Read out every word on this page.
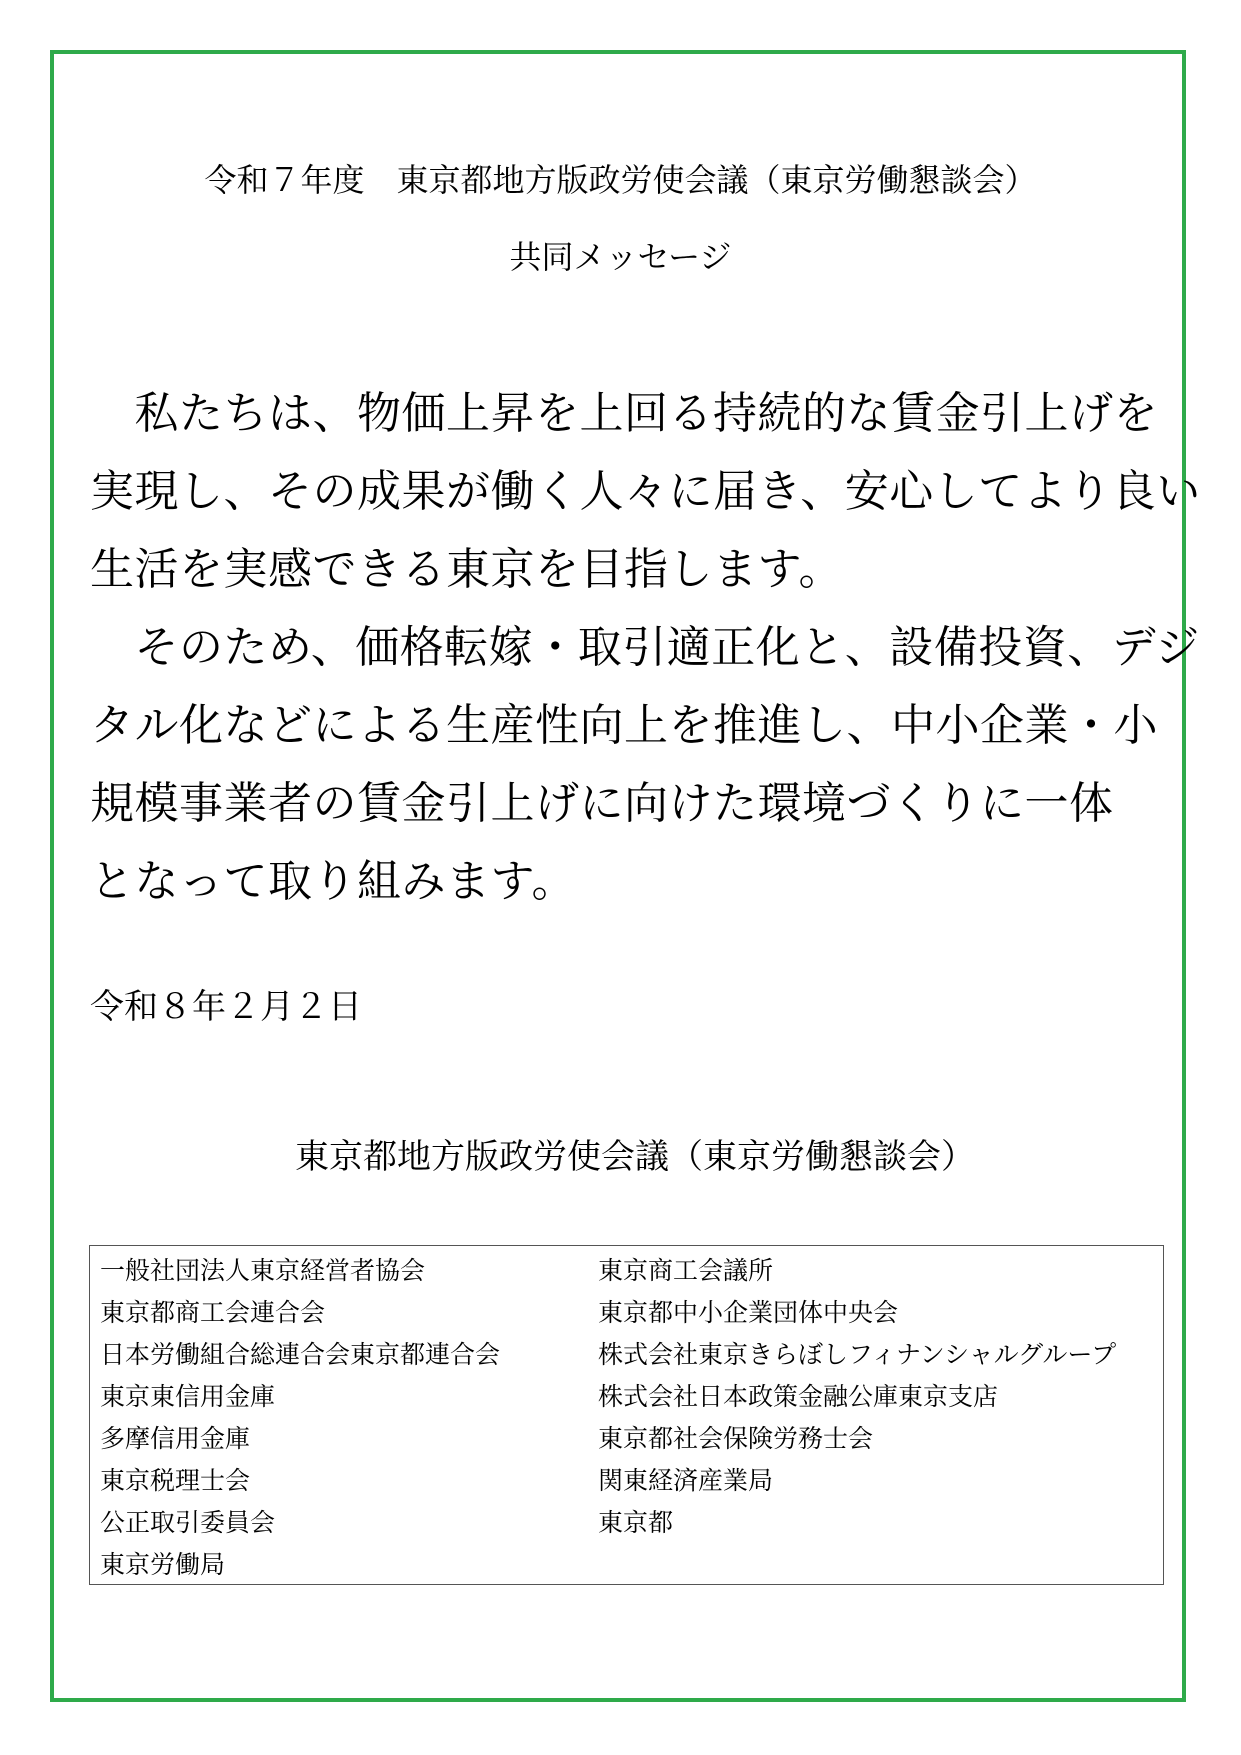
令和７年度　東京都地方版政労使会議（東京労働懇談会）
共同メッセージ
　私たちは、物価上昇を上回る持続的な賃金引上げを
実現し、その成果が働く人々に届き、安心してより良い
生活を実感できる東京を目指します。
　そのため、価格転嫁・取引適正化と、設備投資、デジ
タル化などによる生産性向上を推進し、中小企業・小
規模事業者の賃金引上げに向けた環境づくりに一体
となって取り組みます。
令和８年２月２日
東京都地方版政労使会議（東京労働懇談会）
一般社団法人東京経営者協会
東京都商工会連合会
日本労働組合総連合会東京都連合会
東京東信用金庫
多摩信用金庫
東京税理士会
公正取引委員会
東京労働局
東京商工会議所
東京都中小企業団体中央会
株式会社東京きらぼしフィナンシャルグループ
株式会社日本政策金融公庫東京支店
東京都社会保険労務士会
関東経済産業局
東京都
